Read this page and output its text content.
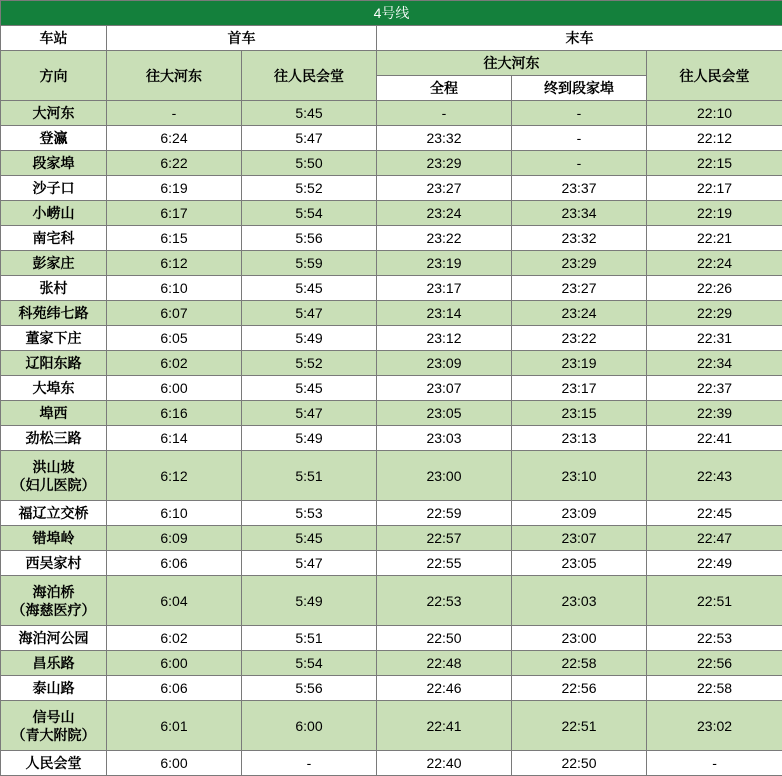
4号线					
车站	首车		末车		
方向	往大河东	往人民会堂	往大河东		往人民会堂
			全程	终到段家埠	

大河东	-	5:45	-	-	22:10

登瀛	6:24	5:47	23:32	-	22:12

段家埠	6:22	5:50	23:29	-	22:15

沙子口	6:19	5:52	23:27	23:37	22:17

小崂山	6:17	5:54	23:24	23:34	22:19

南宅科	6:15	5:56	23:22	23:32	22:21

彭家庄	6:12	5:59	23:19	23:29	22:24

张村	6:10	5:45	23:17	23:27	22:26

科苑纬七路	6:07	5:47	23:14	23:24	22:29

董家下庄	6:05	5:49	23:12	23:22	22:31

辽阳东路	6:02	5:52	23:09	23:19	22:34

大埠东	6:00	5:45	23:07	23:17	22:37

埠西	6:16	5:47	23:05	23:15	22:39

劲松三路	6:14	5:49	23:03	23:13	22:41

洪山坡
（妇儿医院）	6:12	5:51	23:00	23:10	22:43

福辽立交桥	6:10	5:53	22:59	23:09	22:45

错埠岭	6:09	5:45	22:57	23:07	22:47

西吴家村	6:06	5:47	22:55	23:05	22:49

海泊桥
（海慈医疗）	6:04	5:49	22:53	23:03	22:51

海泊河公园	6:02	5:51	22:50	23:00	22:53

昌乐路	6:00	5:54	22:48	22:58	22:56

泰山路	6:06	5:56	22:46	22:56	22:58

信号山
（青大附院）	6:01	6:00	22:41	22:51	23:02

人民会堂	6:00	-	22:40	22:50	-
